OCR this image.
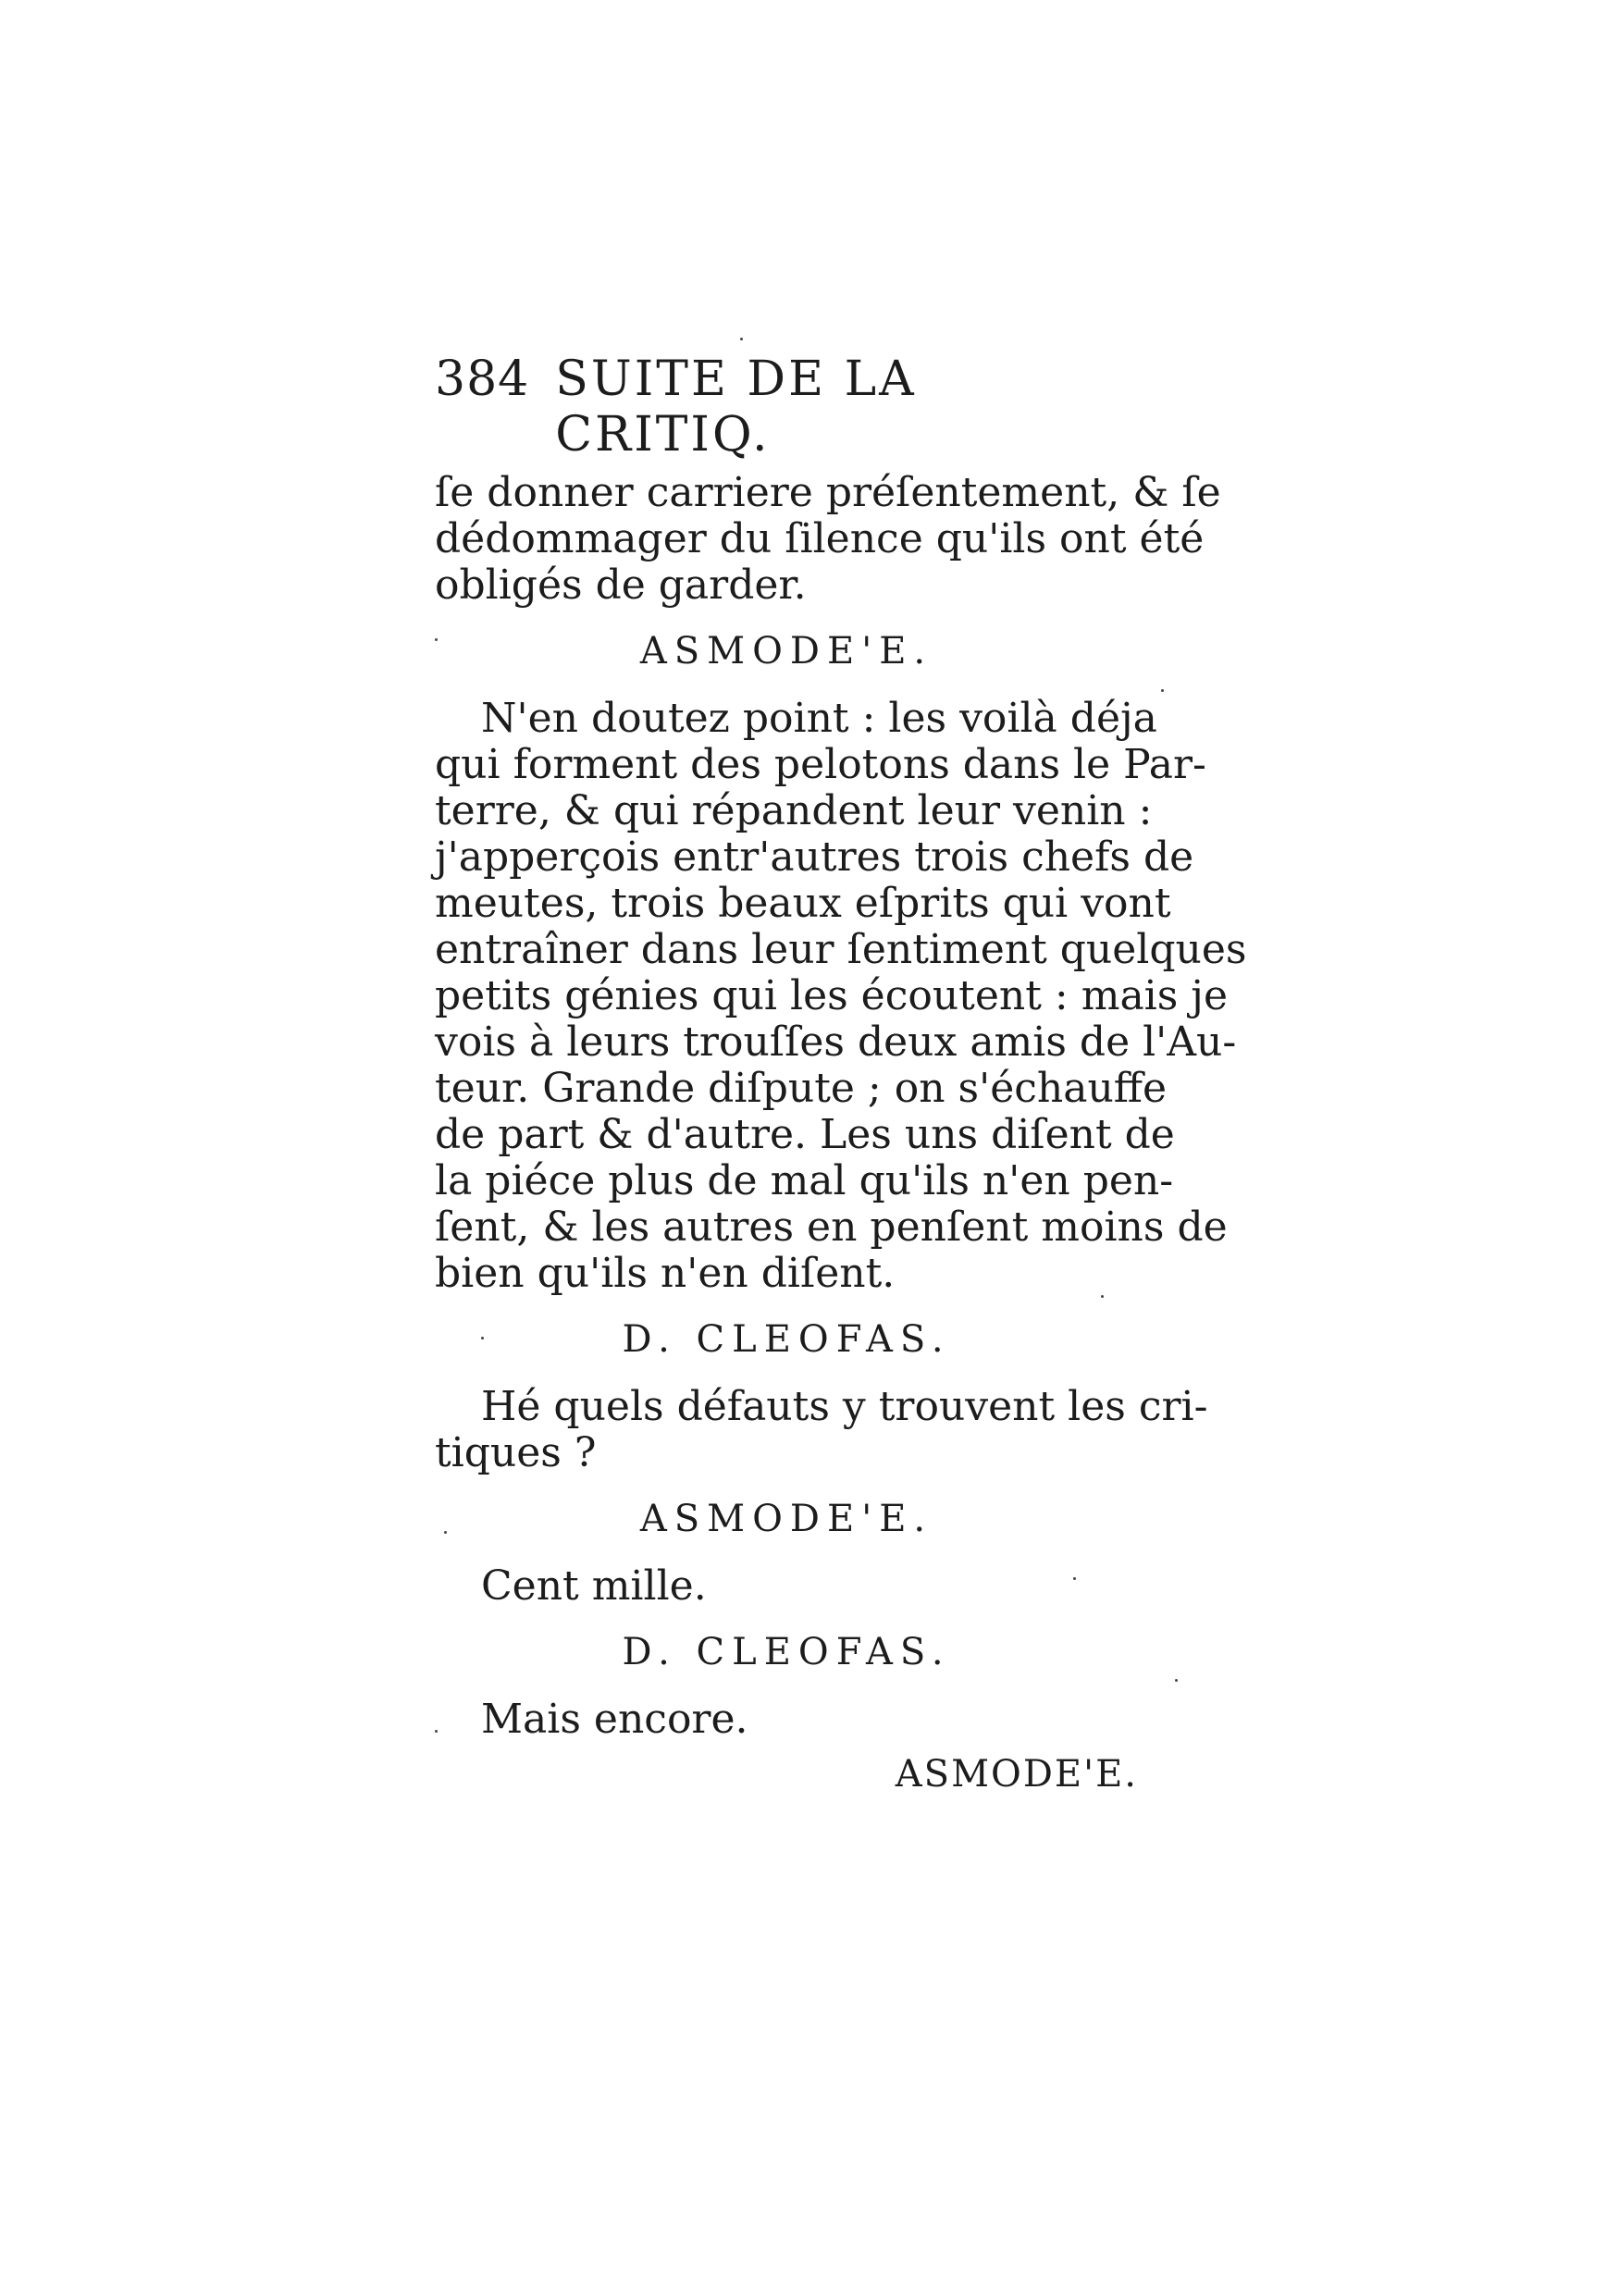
384 SUITE DE LA CRITIQ.
ſe donner carriere préſentement, & ſe
dédommager du ſilence qu'ils ont été
obligés de garder.
ASMODE'E.
N'en doutez point : les voilà déja
qui forment des pelotons dans le Par-
terre, & qui répandent leur venin :
j'apperçois entr'autres trois chefs de
meutes, trois beaux eſprits qui vont
entraîner dans leur ſentiment quelques
petits génies qui les écoutent : mais je
vois à leurs trouſſes deux amis de l'Au-
teur. Grande diſpute ; on s'échauffe
de part & d'autre. Les uns diſent de
la piéce plus de mal qu'ils n'en pen-
ſent, & les autres en penſent moins de
bien qu'ils n'en diſent.
D. CLEOFAS.
Hé quels défauts y trouvent les cri-
tiques ?
ASMODE'E.
Cent mille.
D. CLEOFAS.
Mais encore.
ASMODE'E.
